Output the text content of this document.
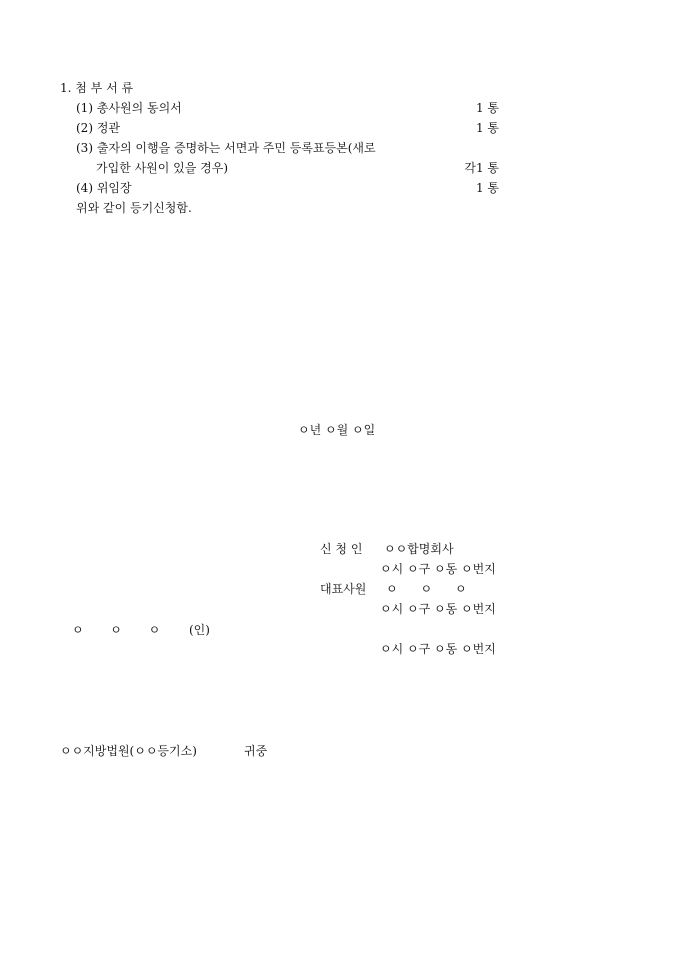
1. 첨 부 서 류
(1) 총사원의 동의서	1 통
(2) 정관	1 통
(3) 출자의 이행을 증명하는 서면과 주민 등록표등본(새로
가입한 사원이 있을 경우)	각1 통
(4) 위임장	1 통
위와 같이 등기신청함.
ㅇ년 ㅇ월 ㅇ일
신 청 인 ㅇㅇ합명회사
ㅇ시 ㅇ구 ㅇ동 ㅇ번지
대표사원 ㅇ      ㅇ      ㅇ
ㅇ시 ㅇ구 ㅇ동 ㅇ번지
ㅇ       ㅇ       ㅇ (인)
ㅇ시 ㅇ구 ㅇ동 ㅇ번지
ㅇㅇ지방법원(ㅇㅇ등기소)	귀중
